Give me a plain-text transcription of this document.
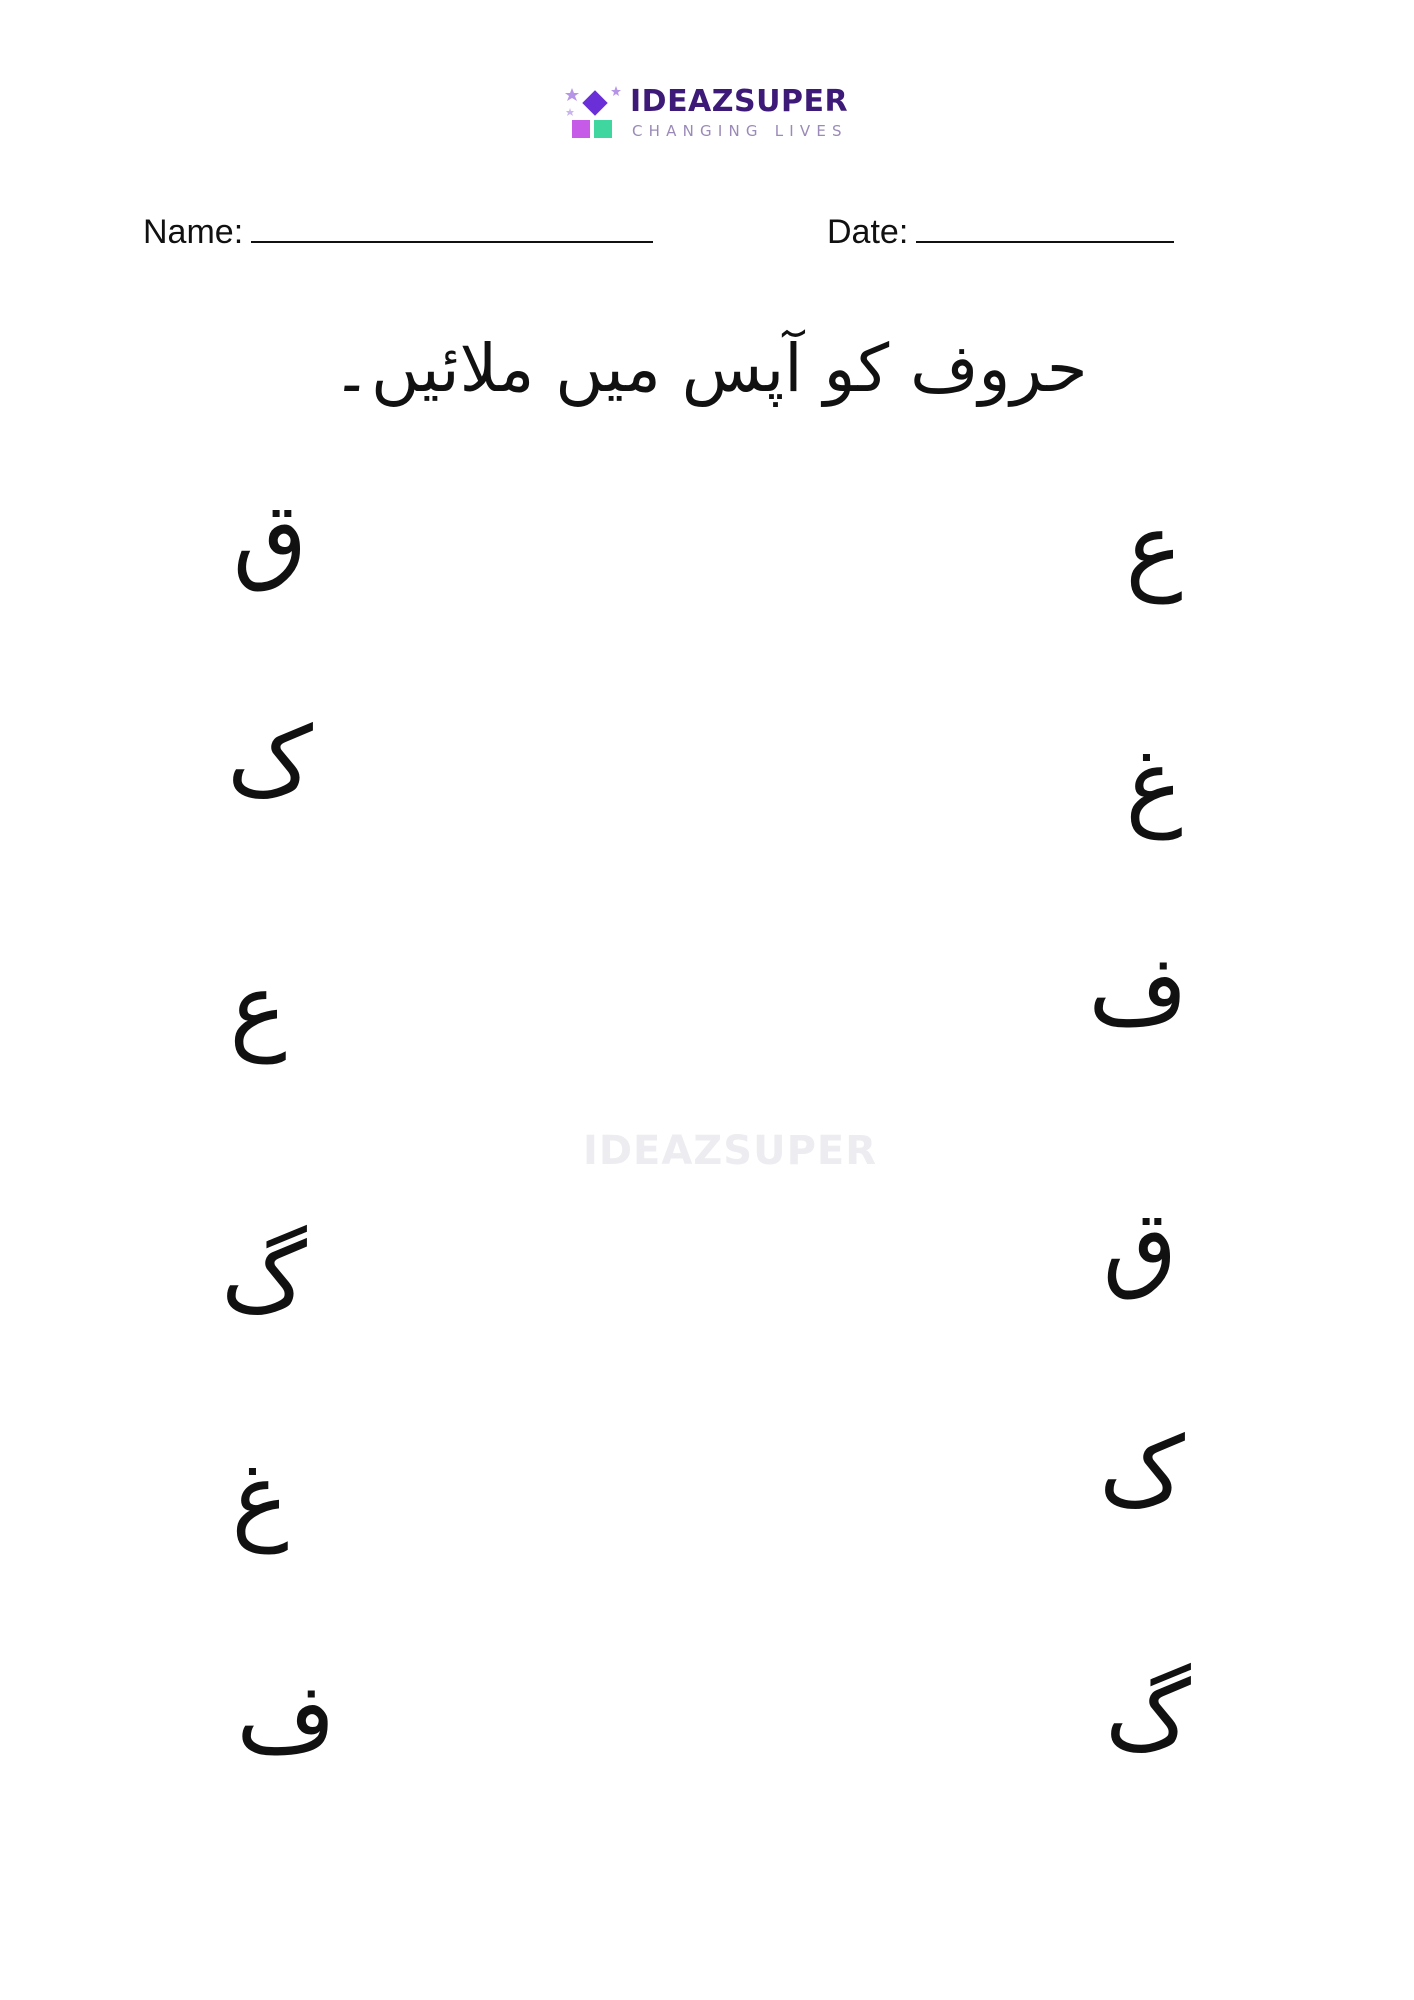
IDEAZSUPER
CHANGING LIVES
Name:	Date:
حروف کو آپس میں ملائیں۔
ق
ک
ع
گ
غ
ف
ع
غ
ف
ق
ک
گ
IDEAZSUPER
